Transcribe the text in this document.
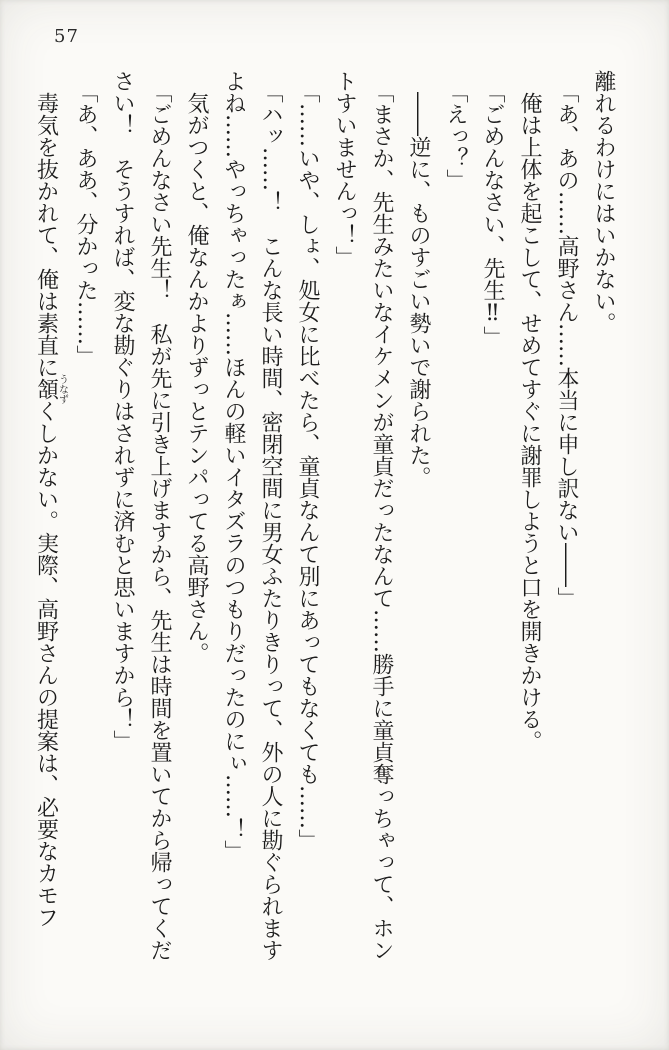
57

離れるわけにはいかない。

「あ、あの……高野さん……本当に申し訳ない――」

俺は上体を起こして、せめてすぐに謝罪しようと口を開きかける。

「ごめんなさい、先生‼」

「えっ？」

――逆に、ものすごい勢いで謝られた。

「まさか、先生みたいなイケメンが童貞だったなんて……勝手に童貞奪っちゃって、ホントすいませんっ！」

「……いや、しょ、処女に比べたら、童貞なんて別にあってもなくても……」

「ハッ……！　こんな長い時間、密閉空間に男女ふたりきりって、外の人に勘ぐられますよね……やっちゃったぁ……ほんの軽いイタズラのつもりだったのにぃ……！」

気がつくと、俺なんかよりずっとテンパってる高野さん。

「ごめんなさい先生！　私が先に引き上げますから、先生は時間を置いてから帰ってください！　そうすれば、変な勘ぐりはされずに済むと思いますから！」

「あ、ああ、分かった……」

毒気を抜かれて、俺は素直に頷うなずくしかない。実際、高野さんの提案は、必要なカモフ
